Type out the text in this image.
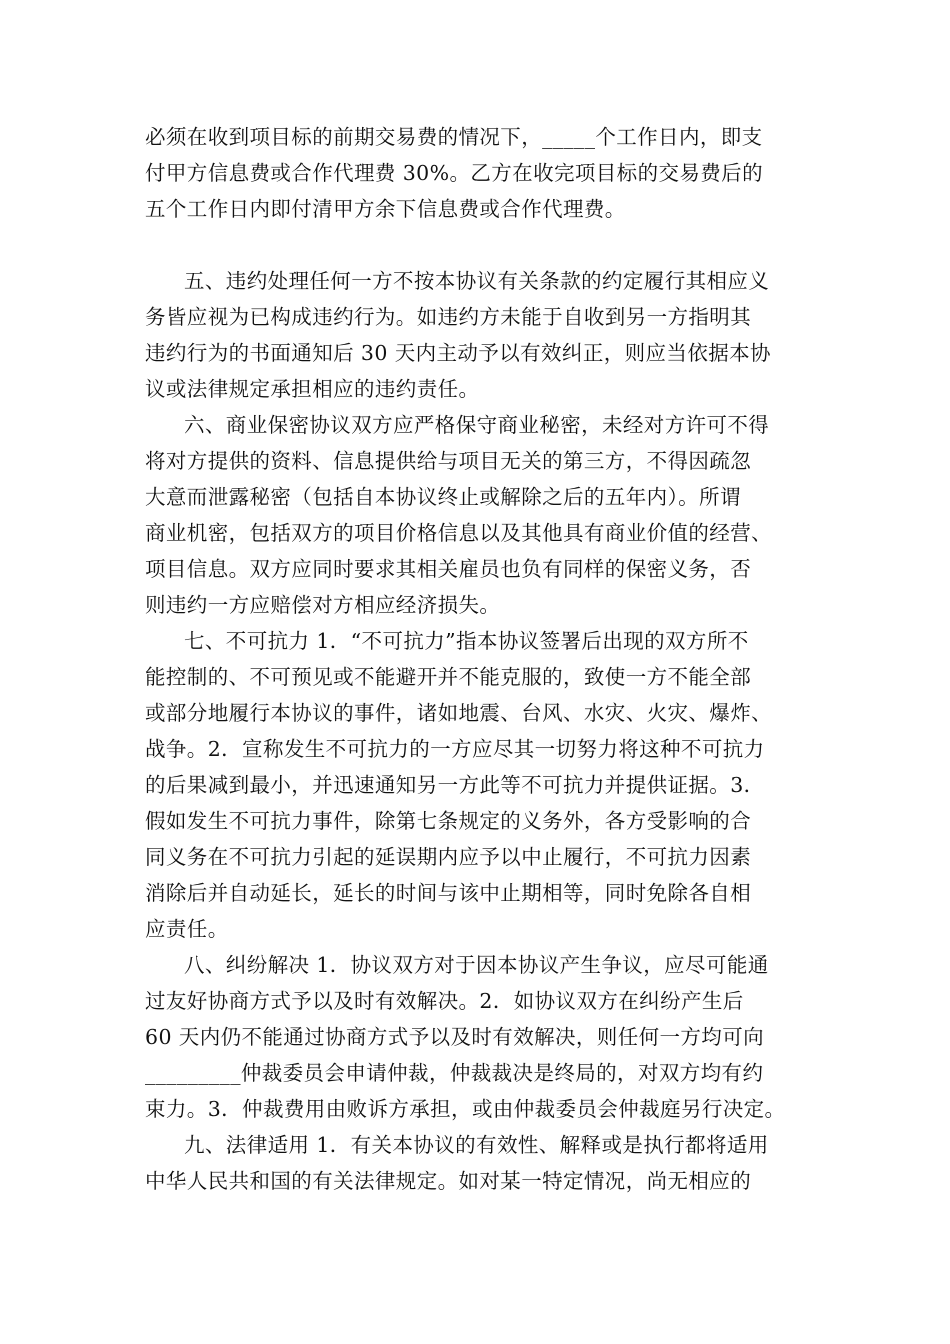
必须在收到项目标的前期交易费的情况下，_____个工作日内，即支
付甲方信息费或合作代理费 30%。乙方在收完项目标的交易费后的
五个工作日内即付清甲方余下信息费或合作代理费。
五、违约处理任何一方不按本协议有关条款的约定履行其相应义
务皆应视为已构成违约行为。如违约方未能于自收到另一方指明其
违约行为的书面通知后 30 天内主动予以有效纠正，则应当依据本协
议或法律规定承担相应的违约责任。
六、商业保密协议双方应严格保守商业秘密，未经对方许可不得
将对方提供的资料、信息提供给与项目无关的第三方，不得因疏忽
大意而泄露秘密（包括自本协议终止或解除之后的五年内）。所谓
商业机密，包括双方的项目价格信息以及其他具有商业价值的经营、
项目信息。双方应同时要求其相关雇员也负有同样的保密义务，否
则违约一方应赔偿对方相应经济损失。
七、不可抗力 1．“不可抗力”指本协议签署后出现的双方所不
能控制的、不可预见或不能避开并不能克服的，致使一方不能全部
或部分地履行本协议的事件，诸如地震、台风、水灾、火灾、爆炸、
战争。2．宣称发生不可抗力的一方应尽其一切努力将这种不可抗力
的后果减到最小，并迅速通知另一方此等不可抗力并提供证据。3．
假如发生不可抗力事件，除第七条规定的义务外，各方受影响的合
同义务在不可抗力引起的延误期内应予以中止履行，不可抗力因素
消除后并自动延长，延长的时间与该中止期相等，同时免除各自相
应责任。
八、纠纷解决 1．协议双方对于因本协议产生争议，应尽可能通
过友好协商方式予以及时有效解决。2．如协议双方在纠纷产生后
60 天内仍不能通过协商方式予以及时有效解决，则任何一方均可向
_________仲裁委员会申请仲裁，仲裁裁决是终局的，对双方均有约
束力。3．仲裁费用由败诉方承担，或由仲裁委员会仲裁庭另行决定。
九、法律适用 1．有关本协议的有效性、解释或是执行都将适用
中华人民共和国的有关法律规定。如对某一特定情况，尚无相应的
